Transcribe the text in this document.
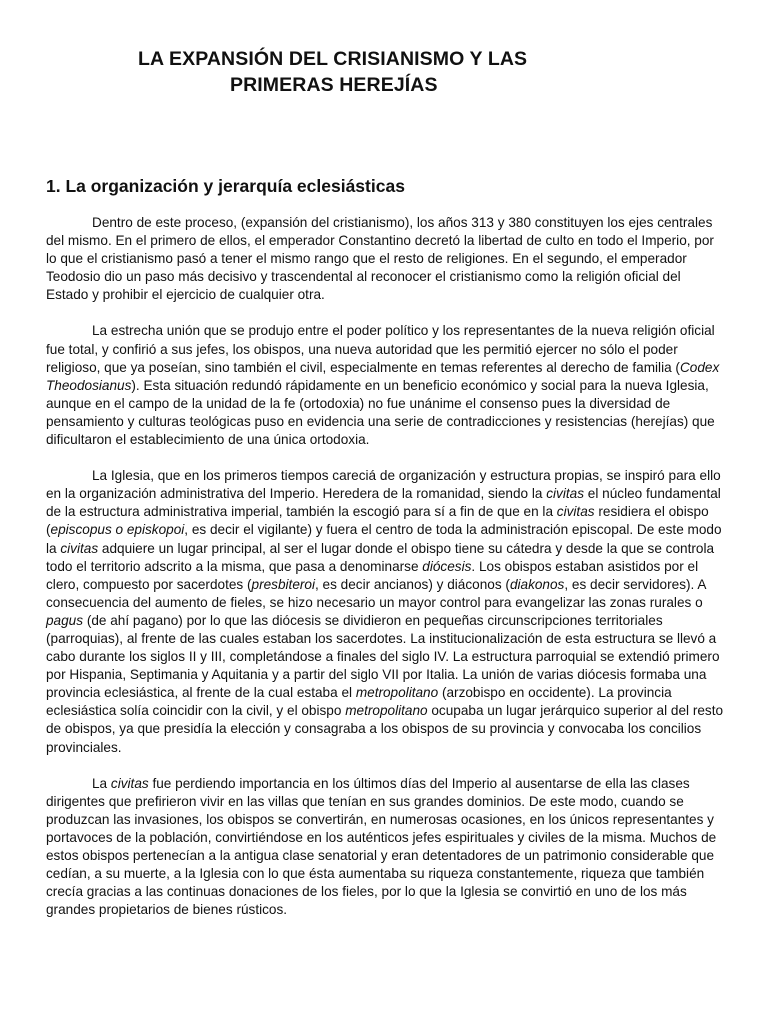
LA EXPANSIÓN DEL CRISIANISMO Y LAS
PRIMERAS HEREJÍAS
1. La organización y jerarquía eclesiásticas

Dentro de este proceso, (expansión del cristianismo), los años 313 y 380 constituyen los ejes centrales del mismo. En el primero de ellos, el emperador Constantino decretó la libertad de culto en todo el Imperio, por lo que el cristianismo pasó a tener el mismo rango que el resto de religiones. En el segundo, el emperador Teodosio dio un paso más decisivo y trascendental al reconocer el cristianismo como la religión oficial del Estado y prohibir el ejercicio de cualquier otra.

La estrecha unión que se produjo entre el poder político y los representantes de la nueva religión oficial fue total, y confirió a sus jefes, los obispos, una nueva autoridad que les permitió ejercer no sólo el poder religioso, que ya poseían, sino también el civil, especialmente en temas referentes al derecho de familia (Codex Theodosianus). Esta situación redundó rápidamente en un beneficio económico y social para la nueva Iglesia, aunque en el campo de la unidad de la fe (ortodoxia) no fue unánime el consenso pues la diversidad de pensamiento y culturas teológicas puso en evidencia una serie de contradicciones y resistencias (herejías) que dificultaron el establecimiento de una única ortodoxia.

La Iglesia, que en los primeros tiempos careciá de organización y estructura propias, se inspiró para ello en la organización administrativa del Imperio. Heredera de la romanidad, siendo la civitas el núcleo fundamental de la estructura administrativa imperial, también la escogió para sí a fin de que en la civitas residiera el obispo (episcopus o episkopoi, es decir el vigilante) y fuera el centro de toda la administración episcopal. De este modo la civitas adquiere un lugar principal, al ser el lugar donde el obispo tiene su cátedra y desde la que se controla todo el territorio adscrito a la misma, que pasa a denominarse diócesis. Los obispos estaban asistidos por el clero, compuesto por sacerdotes (presbiteroi, es decir ancianos) y diáconos (diakonos, es decir servidores). A consecuencia del aumento de fieles, se hizo necesario un mayor control para evangelizar las zonas rurales o pagus (de ahí pagano) por lo que las diócesis se dividieron en pequeñas circunscripciones territoriales (parroquias), al frente de las cuales estaban los sacerdotes. La institucionalización de esta estructura se llevó a cabo durante los siglos II y III, completándose a finales del siglo IV. La estructura parroquial se extendió primero por Hispania, Septimania y Aquitania y a partir del siglo VII por Italia. La unión de varias diócesis formaba una provincia eclesiástica, al frente de la cual estaba el metropolitano (arzobispo en occidente). La provincia eclesiástica solía coincidir con la civil, y el obispo metropolitano ocupaba un lugar jerárquico superior al del resto de obispos, ya que presidía la elección y consagraba a los obispos de su provincia y convocaba los concilios provinciales.

La civitas fue perdiendo importancia en los últimos días del Imperio al ausentarse de ella las clases dirigentes que prefirieron vivir en las villas que tenían en sus grandes dominios. De este modo, cuando se produzcan las invasiones, los obispos se convertirán, en numerosas ocasiones, en los únicos representantes y portavoces de la población, convirtiéndose en los auténticos jefes espirituales y civiles de la misma. Muchos de estos obispos pertenecían a la antigua clase senatorial y eran detentadores de un patrimonio considerable que cedían, a su muerte, a la Iglesia con lo que ésta aumentaba su riqueza constantemente, riqueza que también crecía gracias a las continuas donaciones de los fieles, por lo que la Iglesia se convirtió en uno de los más grandes propietarios de bienes rústicos.
